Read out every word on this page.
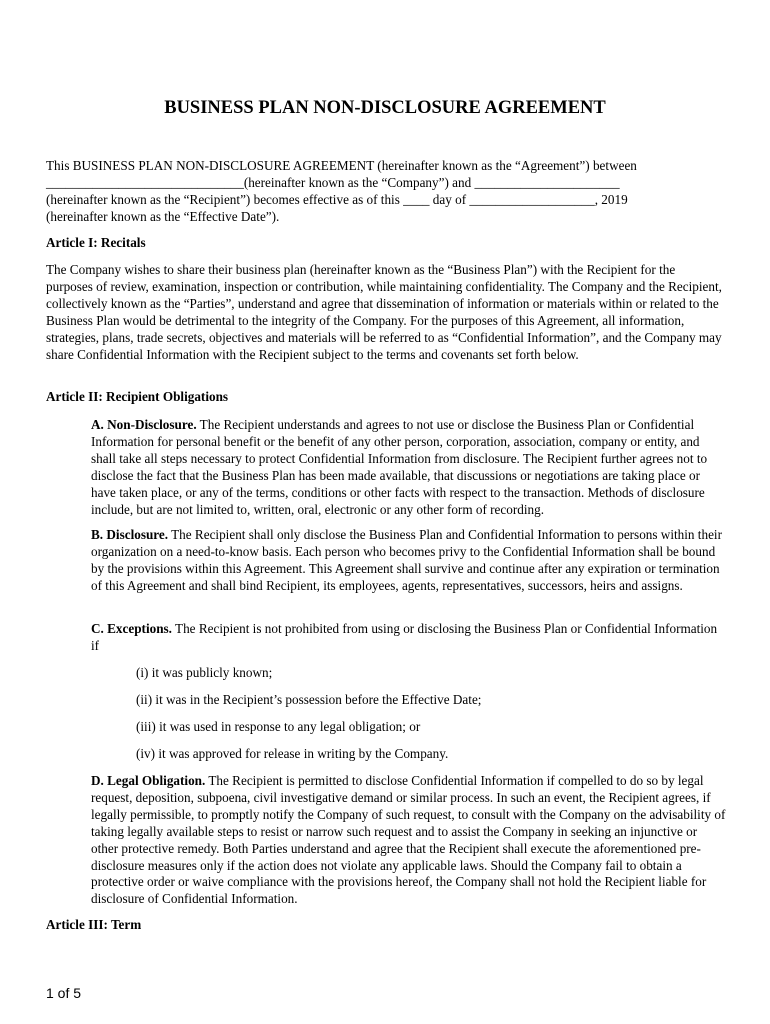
BUSINESS PLAN NON-DISCLOSURE AGREEMENT
This BUSINESS PLAN NON-DISCLOSURE AGREEMENT (hereinafter known as the “Agreement”) between
______________________________(hereinafter known as the “Company”) and ______________________
(hereinafter known as the “Recipient”) becomes effective as of this ____ day of ___________________, 2019
(hereinafter known as the “Effective Date”).
Article I: Recitals
The Company wishes to share their business plan (hereinafter known as the “Business Plan”) with the Recipient for the purposes of review, examination, inspection or contribution, while maintaining confidentiality. The Company and the Recipient, collectively known as the “Parties”, understand and agree that dissemination of information or materials within or related to the Business Plan would be detrimental to the integrity of the Company. For the purposes of this Agreement, all information, strategies, plans, trade secrets, objectives and materials will be referred to as “Confidential Information”, and the Company may share Confidential Information with the Recipient subject to the terms and covenants set forth below.
Article II: Recipient Obligations
A. Non-Disclosure. The Recipient understands and agrees to not use or disclose the Business Plan or Confidential Information for personal benefit or the benefit of any other person, corporation, association, company or entity, and shall take all steps necessary to protect Confidential Information from disclosure. The Recipient further agrees not to disclose the fact that the Business Plan has been made available, that discussions or negotiations are taking place or have taken place, or any of the terms, conditions or other facts with respect to the transaction. Methods of disclosure include, but are not limited to, written, oral, electronic or any other form of recording.
B. Disclosure. The Recipient shall only disclose the Business Plan and Confidential Information to persons within their organization on a need-to-know basis. Each person who becomes privy to the Confidential Information shall be bound by the provisions within this Agreement. This Agreement shall survive and continue after any expiration or termination of this Agreement and shall bind Recipient, its employees, agents, representatives, successors, heirs and assigns.
C. Exceptions. The Recipient is not prohibited from using or disclosing the Business Plan or Confidential Information if
(i) it was publicly known;
(ii) it was in the Recipient’s possession before the Effective Date;
(iii) it was used in response to any legal obligation; or
(iv) it was approved for release in writing by the Company.
D. Legal Obligation. The Recipient is permitted to disclose Confidential Information if compelled to do so by legal request, deposition, subpoena, civil investigative demand or similar process. In such an event, the Recipient agrees, if legally permissible, to promptly notify the Company of such request, to consult with the Company on the advisability of taking legally available steps to resist or narrow such request and to assist the Company in seeking an injunctive or other protective remedy. Both Parties understand and agree that the Recipient shall execute the aforementioned pre-disclosure measures only if the action does not violate any applicable laws. Should the Company fail to obtain a protective order or waive compliance with the provisions hereof, the Company shall not hold the Recipient liable for disclosure of Confidential Information.
Article III: Term
1 of 5
